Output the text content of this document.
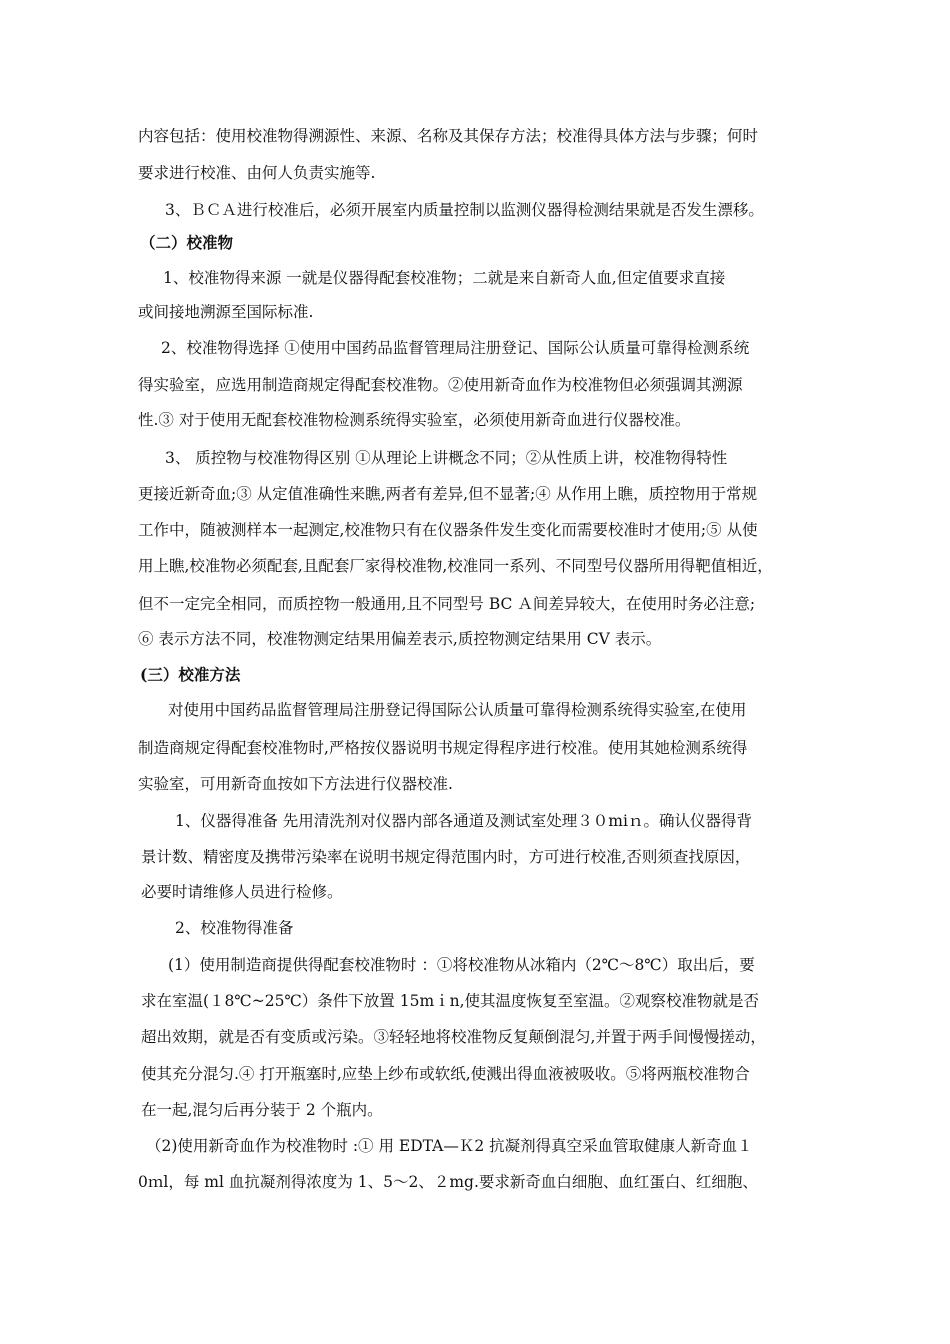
内容包括：使用校准物得溯源性、来源、名称及其保存方法；校准得具体方法与步骤；何时
要求进行校准、由何人负责实施等.
3、ＢＣＡ进行校准后，必须开展室内质量控制以监测仪器得检测结果就是否发生漂移。
（二）校准物
1、校准物得来源 一就是仪器得配套校准物；二就是来自新奇人血,但定值要求直接
或间接地溯源至国际标准.
2、校准物得选择 ①使用中国药品监督管理局注册登记、国际公认质量可靠得检测系统
得实验室，应选用制造商规定得配套校准物。②使用新奇血作为校准物但必须强调其溯源
性.③ 对于使用无配套校准物检测系统得实验室，必须使用新奇血进行仪器校准。
3、 质控物与校准物得区别 ①从理论上讲概念不同；②从性质上讲，校准物得特性
更接近新奇血;③ 从定值准确性来瞧,两者有差异,但不显著;④ 从作用上瞧，质控物用于常规
工作中，随被测样本一起测定,校准物只有在仪器条件发生变化而需要校准时才使用;⑤ 从使
用上瞧,校准物必须配套,且配套厂家得校准物,校准同一系列、不同型号仪器所用得靶值相近，
但不一定完全相同，而质控物一般通用,且不同型号 BC Ａ间差异较大，在使用时务必注意;
⑥ 表示方法不同，校准物测定结果用偏差表示,质控物测定结果用 CV 表示。
(三）校准方法
对使用中国药品监督管理局注册登记得国际公认质量可靠得检测系统得实验室,在使用
制造商规定得配套校准物时,严格按仪器说明书规定得程序进行校准。使用其她检测系统得
实验室，可用新奇血按如下方法进行仪器校准.
1、仪器得准备 先用清洗剂对仪器内部各通道及测试室处理３０miｎ。确认仪器得背
景计数、精密度及携带污染率在说明书规定得范围内时，方可进行校准,否则须查找原因，
必要时请维修人员进行检修。
2、校准物得准备
(1）使用制造商提供得配套校准物时 ：①将校准物从冰箱内（2℃～8℃）取出后，要
求在室温(１8℃~25℃）条件下放置 15mｉn,使其温度恢复至室温。②观察校准物就是否
超出效期，就是否有变质或污染。③轻轻地将校准物反复颠倒混匀,并置于两手间慢慢搓动，
使其充分混匀.④ 打开瓶塞时,应垫上纱布或软纸,使溅出得血液被吸收。⑤将两瓶校准物合
在一起,混匀后再分装于 2 个瓶内。
（2)使用新奇血作为校准物时 :① 用 EDTA—Ｋ2 抗凝剂得真空采血管取健康人新奇血１
0ｍl，每 ml 血抗凝剂得浓度为 1、5～2、２mg.要求新奇血白细胞、血红蛋白、红细胞、
